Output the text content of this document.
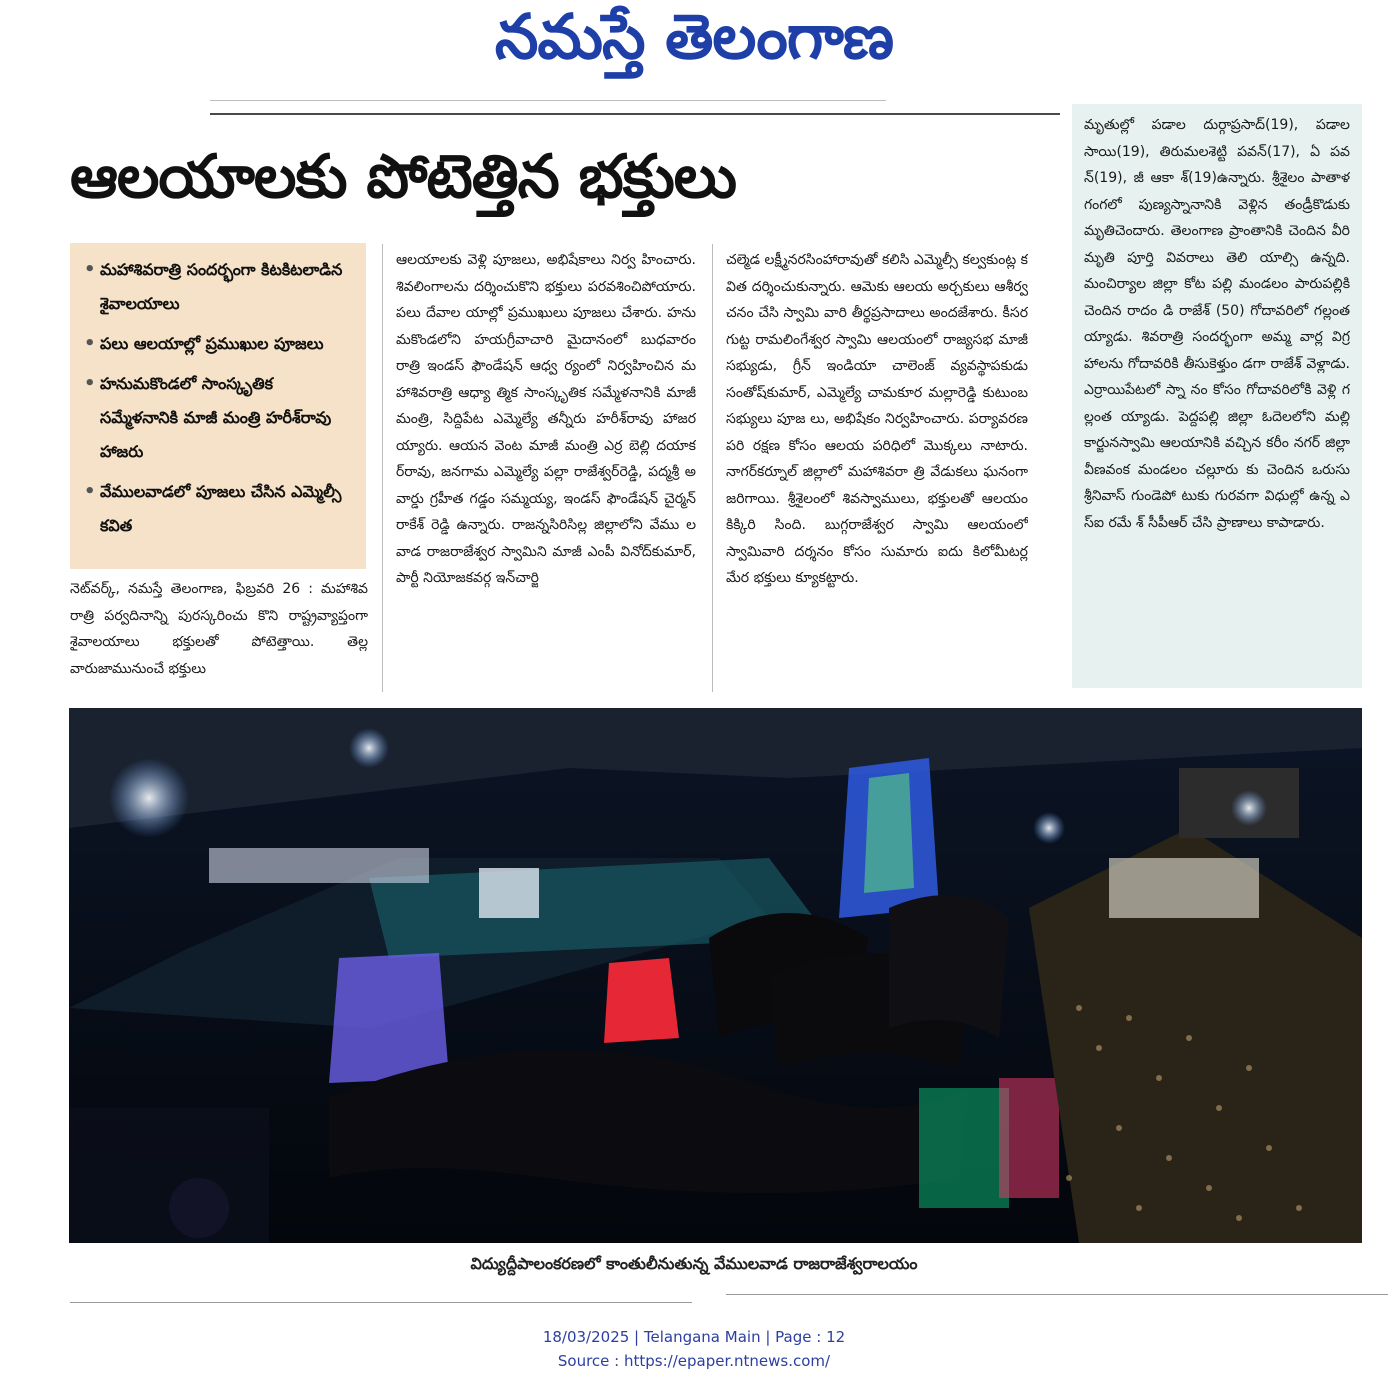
నమస్తే తెలంగాణ
ఆలయాలకు పోటెత్తిన భక్తులు
• మహాశివరాత్రి సందర్భంగా కిటకిటలాడిన శైవాలయాలు
• పలు ఆలయాల్లో ప్రముఖుల పూజలు
• హనుమకొండలో సాంస్కృతిక సమ్మేళనానికి మాజీ మంత్రి హరీశ్‌రావు హాజరు
• వేములవాడలో పూజలు చేసిన ఎమ్మెల్సీ కవిత
నెట్‌వర్క్, నమస్తే తెలంగాణ, ఫిబ్రవరి 26 : మహాశివరాత్రి పర్వదినాన్ని పురస్కరించు కొని రాష్ట్రవ్యాప్తంగా శైవాలయాలు భక్తులతో పోటెత్తాయి. తెల్లవారుజామునుంచే భక్తులు
ఆలయాలకు వెళ్లి పూజలు, అభిషేకాలు నిర్వ హించారు. శివలింగాలను దర్శించుకొని భక్తులు పరవశించిపోయారు. పలు దేవాల యాల్లో ప్రముఖులు పూజలు చేశారు. హను మకొండలోని హయగ్రీవాచారి మైదానంలో బుధవారం రాత్రి ఇండస్ ఫౌండేషన్ ఆధ్వ ర్యంలో నిర్వహించిన మహాశివరాత్రి ఆధ్యా త్మిక సాంస్కృతిక సమ్మేళనానికి మాజీ మంత్రి, సిద్దిపేట ఎమ్మెల్యే తన్నీరు హరీశ్‌రావు హాజర య్యారు. ఆయన వెంట మాజీ మంత్రి ఎర్ర బెల్లి దయాకర్‌రావు, జనగామ ఎమ్మెల్యే పల్లా రాజేశ్వర్‌రెడ్డి, పద్మశ్రీ అవార్డు గ్రహీత గడ్డం సమ్మయ్య, ఇండస్ ఫౌండేషన్ చైర్మన్ రాకేశ్ రెడ్డి ఉన్నారు. రాజన్నసిరిసిల్ల జిల్లాలోని వేము లవాడ రాజరాజేశ్వర స్వామిని మాజీ ఎంపీ వినోద్‌కుమార్, పార్టీ నియోజకవర్గ ఇన్‌చార్జి
చల్మెడ లక్ష్మీనరసింహారావుతో కలిసి ఎమ్మెల్సీ కల్వకుంట్ల కవిత దర్శించుకున్నారు. ఆమెకు ఆలయ అర్చకులు ఆశీర్వచనం చేసి స్వామి వారి తీర్థప్రసాదాలు అందజేశారు. కీసరగుట్ట రామలింగేశ్వర స్వామి ఆలయంలో రాజ్యసభ మాజీ సభ్యుడు, గ్రీన్ ఇండియా చాలెంజ్ వ్యవస్థాపకుడు సంతోష్‌కుమార్, ఎమ్మెల్యే చామకూర మల్లారెడ్డి కుటుంబసభ్యులు పూజ లు, అభిషేకం నిర్వహించారు. పర్యావరణ పరి రక్షణ కోసం ఆలయ పరిధిలో మొక్కలు నాటారు. నాగర్‌కర్నూల్ జిల్లాలో మహాశివరా త్రి వేడుకలు ఘనంగా జరిగాయి. శ్రీశైలంలో శివస్వాములు, భక్తులతో ఆలయం కిక్కిరి సింది. బుగ్గరాజేశ్వర స్వామి ఆలయంలో స్వామివారి దర్శనం కోసం సుమారు ఐదు కిలోమీటర్ల మేర భక్తులు క్యూకట్టారు.
మృతుల్లో పడాల దుర్గాప్రసాద్(19), పడాల సాయి(19), తిరుమలశెట్టి పవన్(17), ఏ పవన్(19), జీ ఆకా శ్(19)ఉన్నారు. శ్రీశైలం పాతాళగంగలో పుణ్యస్నానానికి వెళ్లిన తండ్రీకొడుకు మృతిచెందారు. తెలంగాణ ప్రాంతానికి చెందిన వీరి మృతి పూర్తి వివరాలు తెలి యాల్సి ఉన్నది. మంచిర్యాల జిల్లా కోట పల్లి మండలం పారుపల్లికి చెందిన రాదం డి రాజేశ్ (50) గోదావరిలో గల్లంత య్యాడు. శివరాత్రి సందర్భంగా అమ్మ వార్ల విగ్రహాలను గోదావరికి తీసుకెళ్తుం డగా రాజేశ్ వెళ్లాడు. ఎర్రాయిపేటలో స్నా నం కోసం గోదావరిలోకి వెళ్లి గల్లంత య్యాడు. పెద్దపల్లి జిల్లా ఓదెలలోని మల్లి కార్జునస్వామి ఆలయానికి వచ్చిన కరీం నగర్ జిల్లా వీణవంక మండలం చల్లూరు కు చెందిన ఒరుసు శ్రీనివాస్ గుండెపో టుకు గురవగా విధుల్లో ఉన్న ఎస్ఐ రమే శ్ సీపీఆర్ చేసి ప్రాణాలు కాపాడారు.
విద్యుద్దీపాలంకరణలో కాంతులీనుతున్న వేములవాడ రాజరాజేశ్వరాలయం
18/03/2025 | Telangana Main | Page : 12
Source : https://epaper.ntnews.com/
